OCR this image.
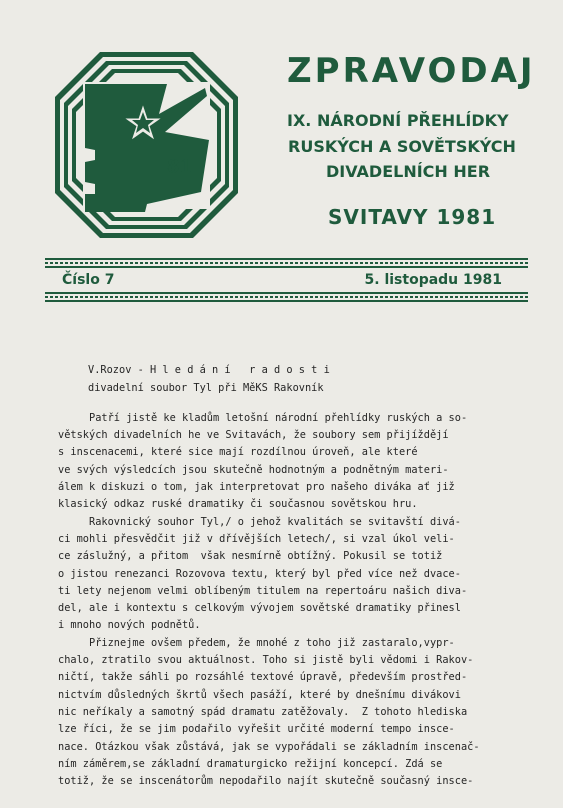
81
ZPRAVODAJ
IX. NÁRODNÍ PŘEHLÍDKY
RUSKÝCH A SOVĚTSKÝCH
DIVADELNÍCH HER
SVITAVY 1981
Číslo 7	5. listopadu 1981

V.Rozov - H l e d á n í   r a d o s t i
divadelní soubor Tyl při MěKS Rakovník
Patří jistě ke kladům letošní národní přehlídky ruských a so-
větských divadelních he ve Svitavách, že soubory sem přijíždějí
s inscenacemi, které sice mají rozdílnou úroveň, ale které
ve svých výsledcích jsou skutečně hodnotným a podnětným materi-
álem k diskuzi o tom, jak interpretovat pro našeho diváka ať již
klasický odkaz ruské dramatiky či současnou sovětskou hru.
Rakovnický souhor Tyl,/ o jehož kvalitách se svitavští divá-
ci mohli přesvědčit již v dřívějších letech/, si vzal úkol veli-
ce záslužný, a přitom  však nesmírně obtížný. Pokusil se totiž
o jistou renezanci Rozovova textu, který byl před více než dvace-
ti lety nejenom velmi oblíbeným titulem na repertoáru našich diva-
del, ale i kontextu s celkovým vývojem sovětské dramatiky přinesl
i mnoho nových podnětů.
Přiznejme ovšem předem, že mnohé z toho již zastaralo,vypr-
chalo, ztratilo svou aktuálnost. Toho si jistě byli vědomi i Rakov-
ničtí, takže sáhli po rozsáhlé textové úpravě, především prostřed-
nictvím důsledných škrtů všech pasáží, které by dnešnímu divákovi
nic neříkaly a samotný spád dramatu zatěžovaly.  Z tohoto hlediska
lze říci, že se jim podařilo vyřešit určité moderní tempo insce-
nace. Otázkou však zůstává, jak se vypořádali se základním inscenač-
ním záměrem,se základní dramaturgicko režijní koncepcí. Zdá se
totiž, že se inscenátorům nepodařilo najít skutečně současný insce-
